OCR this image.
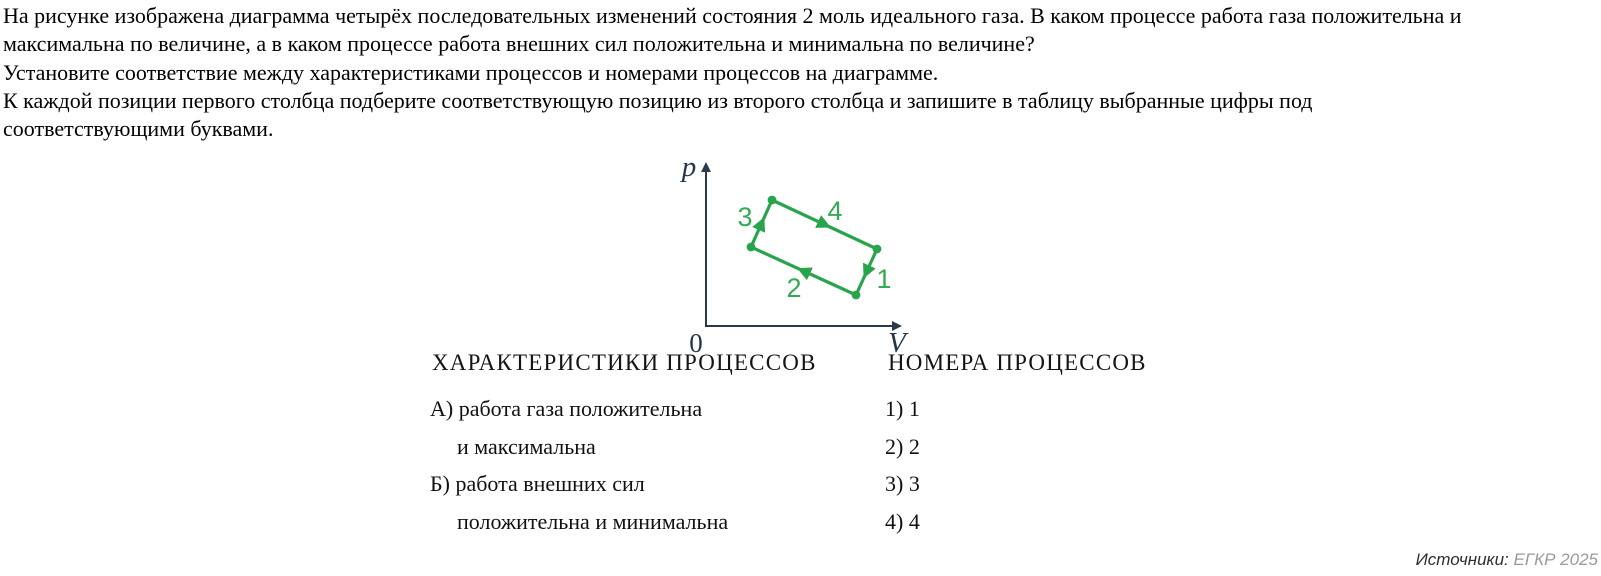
На рисунке изображена диаграмма четырёх последовательных изменений состояния 2 моль идеального газа. В каком процессе работа газа положительна и
максимальна по величине, а в каком процессе работа внешних сил положительна и минимальна по величине?
Установите соответствие между характеристиками процессов и номерами процессов на диаграмме.
К каждой позиции первого столбца подберите соответствующую позицию из второго столбца и запишите в таблицу выбранные цифры под
соответствующими буквами.
p
V
0
1
2
3	4
ХАРАКТЕРИСТИКИ ПРОЦЕССОВ	НОМЕРА ПРОЦЕССОВ
А) работа газа положительна
и максимальна
Б) работа внешних сил
положительна и минимальна
1) 1
2) 2
3) 3
4) 4
Источники: ЕГКР 2025
